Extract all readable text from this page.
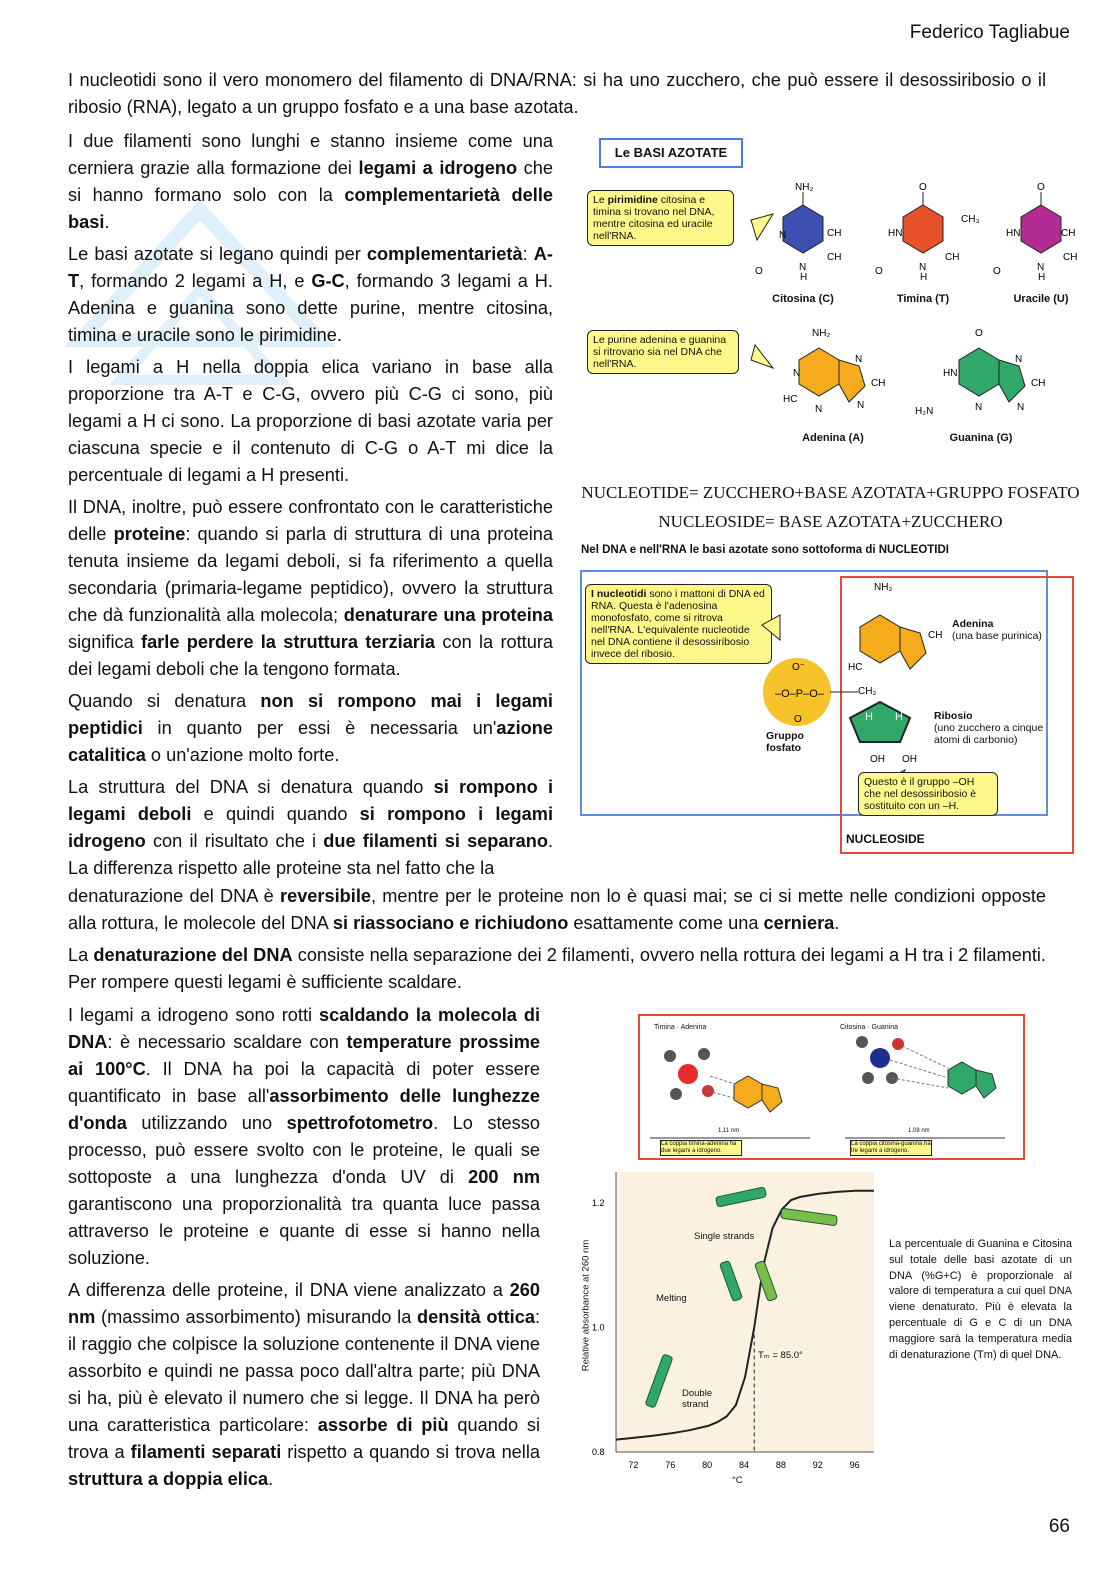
Federico Tagliabue
I nucleotidi sono il vero monomero del filamento di DNA/RNA: si ha uno zucchero, che può essere il desossiribosio o il ribosio (RNA), legato a un gruppo fosfato e a una base azotata.

I due filamenti sono lunghi e stanno insieme come una cerniera grazie alla formazione dei legami a idrogeno che si hanno formano solo con la complementarietà delle basi.

Le basi azotate si legano quindi per complementarietà: A-T, formando 2 legami a H, e G-C, formando 3 legami a H. Adenina e guanina sono dette purine, mentre citosina, timina e uracile sono le pirimidine.

I legami a H nella doppia elica variano in base alla proporzione tra A-T e C-G, ovvero più C-G ci sono, più legami a H ci sono. La proporzione di basi azotate varia per ciascuna specie e il contenuto di C-G o A-T mi dice la percentuale di legami a H presenti.

Il DNA, inoltre, può essere confrontato con le caratteristiche delle proteine: quando si parla di struttura di una proteina tenuta insieme da legami deboli, si fa riferimento a quella secondaria (primaria-legame peptidico), ovvero la struttura che dà funzionalità alla molecola; denaturare una proteina significa farle perdere la struttura terziaria con la rottura dei legami deboli che la tengono formata.

Quando si denatura non si rompono mai i legami peptidici in quanto per essi è necessaria un'azione catalitica o un'azione molto forte.

La struttura del DNA si denatura quando si rompono i legami deboli e quindi quando si rompono i legami idrogeno con il risultato che i due filamenti si separano. La differenza rispetto alle proteine sta nel fatto che la

denaturazione del DNA è reversibile, mentre per le proteine non lo è quasi mai; se ci si mette nelle condizioni opposte alla rottura, le molecole del DNA si riassociano e richiudono esattamente come una cerniera.

La denaturazione del DNA consiste nella separazione dei 2 filamenti, ovvero nella rottura dei legami a H tra i 2 filamenti. Per rompere questi legami è sufficiente scaldare.

I legami a idrogeno sono rotti scaldando la molecola di DNA: è necessario scaldare con temperature prossime ai 100°C. Il DNA ha poi la capacità di poter essere quantificato in base all'assorbimento delle lunghezze d'onda utilizzando uno spettrofotometro. Lo stesso processo, può essere svolto con le proteine, le quali se sottoposte a una lunghezza d'onda UV di 200 nm garantiscono una proporzionalità tra quanta luce passa attraverso le proteine e quante di esse si hanno nella soluzione.

A differenza delle proteine, il DNA viene analizzato a 260 nm (massimo assorbimento) misurando la densità ottica: il raggio che colpisce la soluzione contenente il DNA viene assorbito e quindi ne passa poco dall'altra parte; più DNA si ha, più è elevato il numero che si legge. Il DNA ha però una caratteristica particolare: assorbe di più quando si trova a filamenti separati rispetto a quando si trova nella struttura a doppia elica.

Le BASI AZOTATE
Le pirimidine citosina e timina si trovano nel DNA, mentre citosina ed uracile nell'RNA.
Le purine adenina e guanina si ritrovano sia nel DNA che nell'RNA.
NH₂
N	CH
CH
N
H
O
O
HN
CH₃
CH
N
H
O
O
HN	CH
CH
N
H
O
NH₂
N
HC
N
CH
N
N
O
HN
H₂N
N
CH
N
N
Citosina (C)	Timina (T)	Uracile (U)
Adenina (A)	Guanina (G)
NUCLEOTIDE= ZUCCHERO+BASE AZOTATA+GRUPPO FOSFATO
NUCLEOSIDE= BASE AZOTATA+ZUCCHERO
Nel DNA e nell'RNA le basi azotate sono sottoforma di NUCLEOTIDI
I nucleotidi sono i mattoni di DNA ed RNA. Questa è l'adenosina monofosfato, come si ritrova nell'RNA. L'equivalente nucleotide nel DNA contiene il desossiribosio invece del ribosio.
NH₂
HC
CH
–O–P–O–
O⁻
O
CH₂
H H
OH OH
Adenina
(una base purinica)
Ribosio
(uno zucchero a cinque atomi di carbonio)
Gruppo fosfato
Questo è il gruppo –OH che nel desossiribosio è sostituito con un –H.
NUCLEOSIDE
Timina · Adenina	Citosina · Guanina
1,11 nm	1,08 nm
La coppia timina-adenina ha due legami a idrogeno.
La coppia citosina-guanina ha tre legami a idrogeno.
72	76	80	84	88	92	96
0.8
1.0
1.2
Relative absorbance at 260 nm
°C
Single strands
Melting
Double strand
Tₘ = 85.0°
La percentuale di Guanina e Citosina sul totale delle basi azotate di un DNA (%G+C) è proporzionale al valore di temperatura a cui quel DNA viene denaturato. Più è elevata la percentuale di G e C di un DNA maggiore sarà la temperatura media di denaturazione (Tm) di quel DNA.
66
